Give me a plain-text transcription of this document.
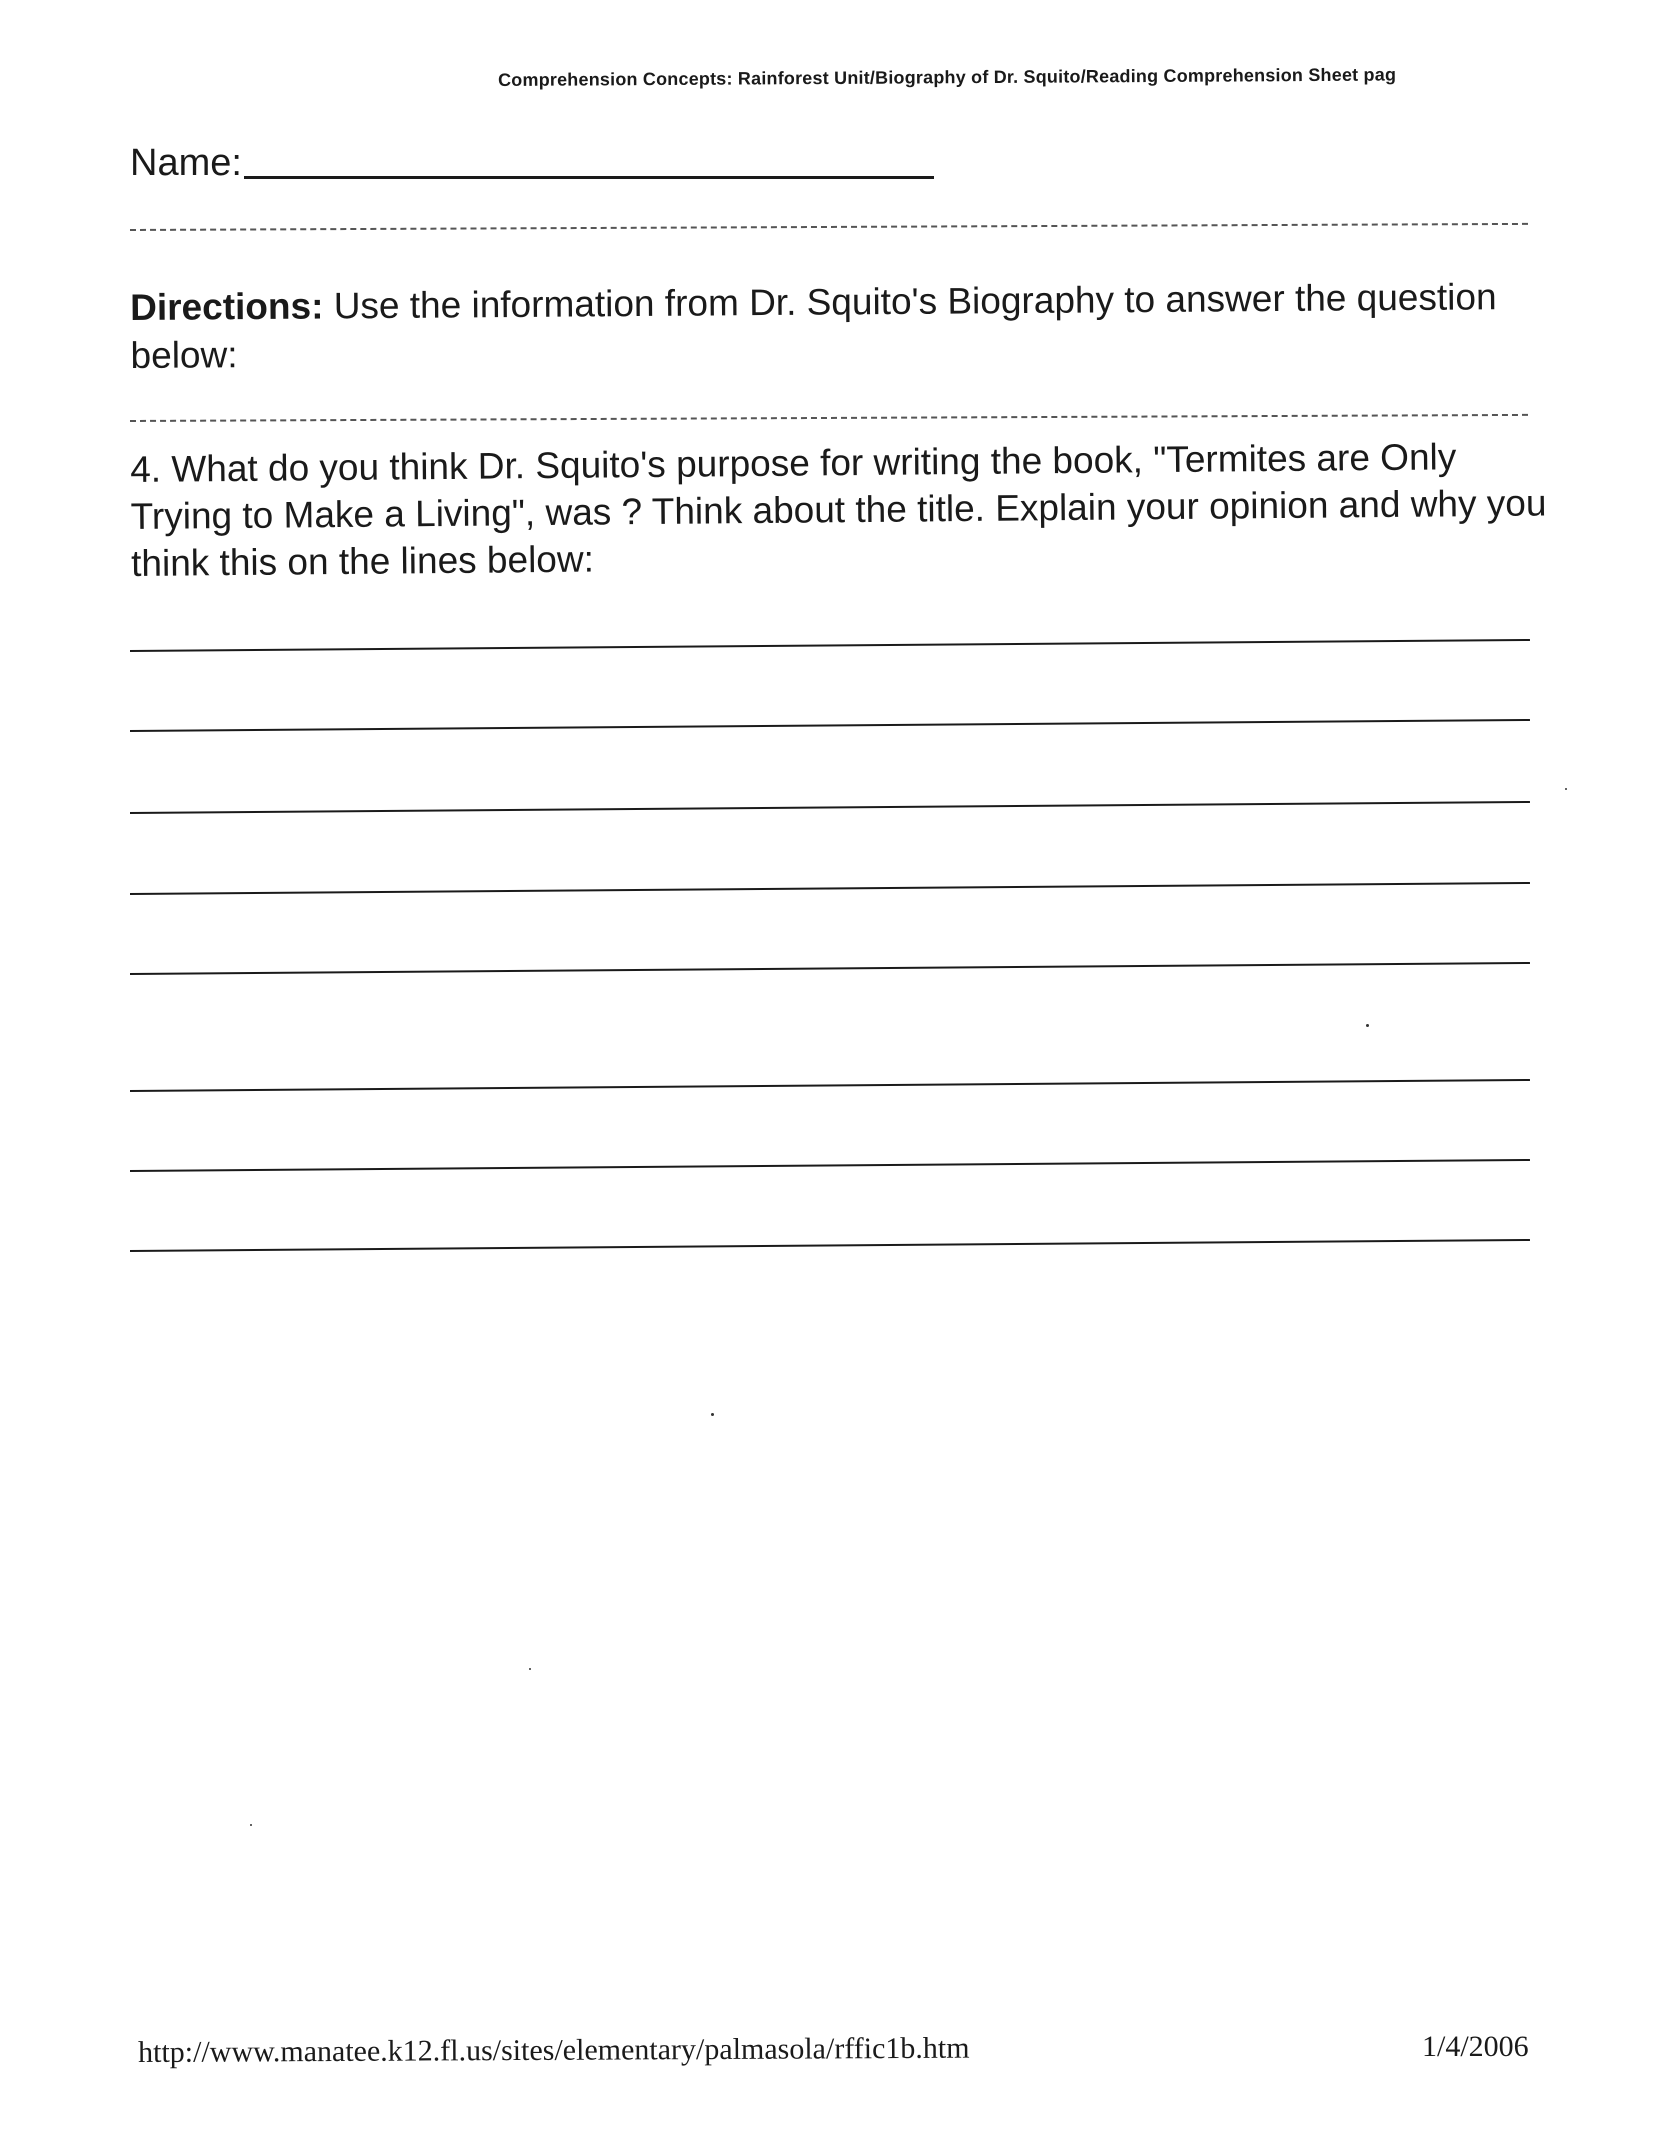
Comprehension Concepts: Rainforest Unit/Biography of Dr. Squito/Reading Comprehension Sheet pag
Name:
Directions: Use the information from Dr. Squito's Biography to answer the question below:
4. What do you think Dr. Squito's purpose for writing the book, "Termites are Only Trying to Make a Living", was ? Think about the title. Explain your opinion and why you think this on the lines below:
http://www.manatee.k12.fl.us/sites/elementary/palmasola/rffic1b.htm	1/4/2006
